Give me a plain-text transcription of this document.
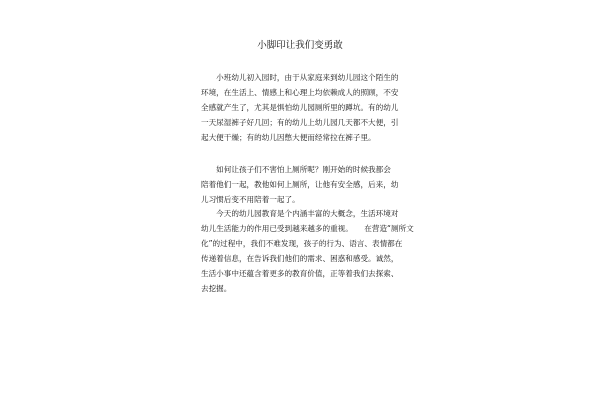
小脚印让我们变勇敢
　　小班幼儿初入园时，由于从家庭来到幼儿园这个陌生的
环境，在生活上、情感上和心理上均依赖成人的照顾，不安
全感就产生了，尤其是惧怕幼儿园厕所里的蹲坑。有的幼儿
一天尿湿裤子好几回；有的幼儿上幼儿园几天都不大便，引
起大便干燥；有的幼儿因憋大便而经常拉在裤子里。
　　如何让孩子们不害怕上厕所呢？刚开始的时候我都会
陪着他们一起，教他如何上厕所，让他有安全感，后来，幼
儿习惯后变不用陪着一起了。
　　今天的幼儿园教育是个内涵丰富的大概念，生活环境对
幼儿生活能力的作用已受到越来越多的重视。　　在营造“厕所文
化”的过程中，我们不难发现，孩子的行为、语言、表情都在
传递着信息，在告诉我们他们的需求、困惑和感受。诚然，
生活小事中还蕴含着更多的教育价值，正等着我们去探索、
去挖掘。
